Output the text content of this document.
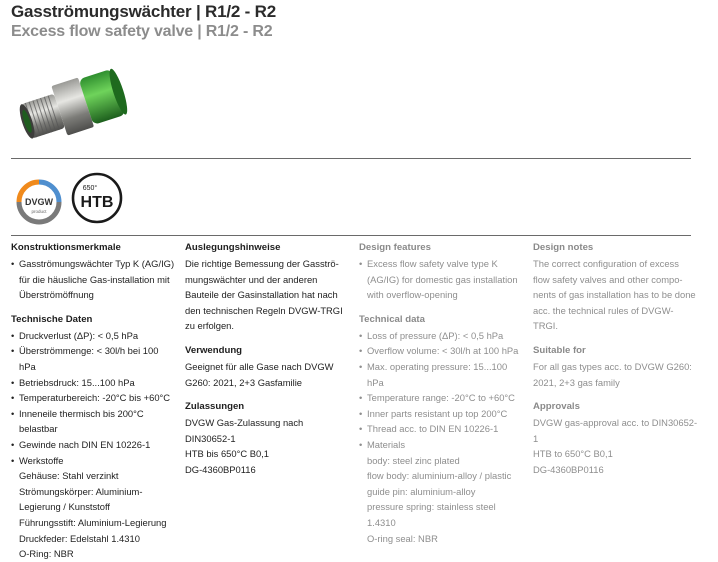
Gasströmungswächter | R1/2 - R2
Excess flow safety valve | R1/2 - R2
DVGW
product
650°
HTB
Konstruktionsmerkmale
• Gasströmungswächter Typ K (AG/IG) für die häusliche Gas-installation mit Überströmöffnung
Technische Daten
• Druckverlust (ΔP): < 0,5 hPa
• Überströmmenge: < 30l/h bei 100 hPa
• Betriebsdruck: 15...100 hPa
• Temperaturbereich: -20°C bis +60°C
• Inneneile thermisch bis 200°C belastbar
• Gewinde nach DIN EN 10226-1
• Werkstoffe

Gehäuse: Stahl verzinkt

Strömungskörper: Aluminium-Legierung / Kunststoff

Führungsstift: Aluminium-Legierung

Druckfeder: Edelstahl 1.4310

O-Ring: NBR

Auslegungshinweise

Die richtige Bemessung der Gasströ-mungswächter und der anderen Bauteile der Gasinstallation hat nach den technischen Regeln DVGW-TRGI zu erfolgen.

Verwendung

Geeignet für alle Gase nach DVGW G260: 2021, 2+3 Gasfamilie

Zulassungen

DVGW Gas-Zulassung nach DIN30652-1

HTB bis 650°C B0,1

DG-4360BP0116

Design features
• Excess flow safety valve type K (AG/IG) for domestic gas installation with overflow-opening
Technical data
• Loss of pressure (ΔP): < 0,5 hPa
• Overflow volume: < 30l/h at 100 hPa
• Max. operating pressure: 15...100 hPa
• Temperature range: -20°C to +60°C
• Inner parts resistant up top 200°C
• Thread acc. to DIN EN 10226-1
• Materials

body: steel zinc plated

flow body: aluminium-alloy / plastic

guide pin: aluminium-alloy

pressure spring: stainless steel 1.4310

O-ring seal: NBR

Design notes

The correct configuration of excess flow safety valves and other compo-nents of gas installation has to be done acc. the technical rules of DVGW-TRGI.

Suitable for

For all gas types acc. to DVGW G260: 2021, 2+3 gas family

Approvals

DVGW gas-approval acc. to DIN30652-1

HTB to 650°C B0,1

DG-4360BP0116
